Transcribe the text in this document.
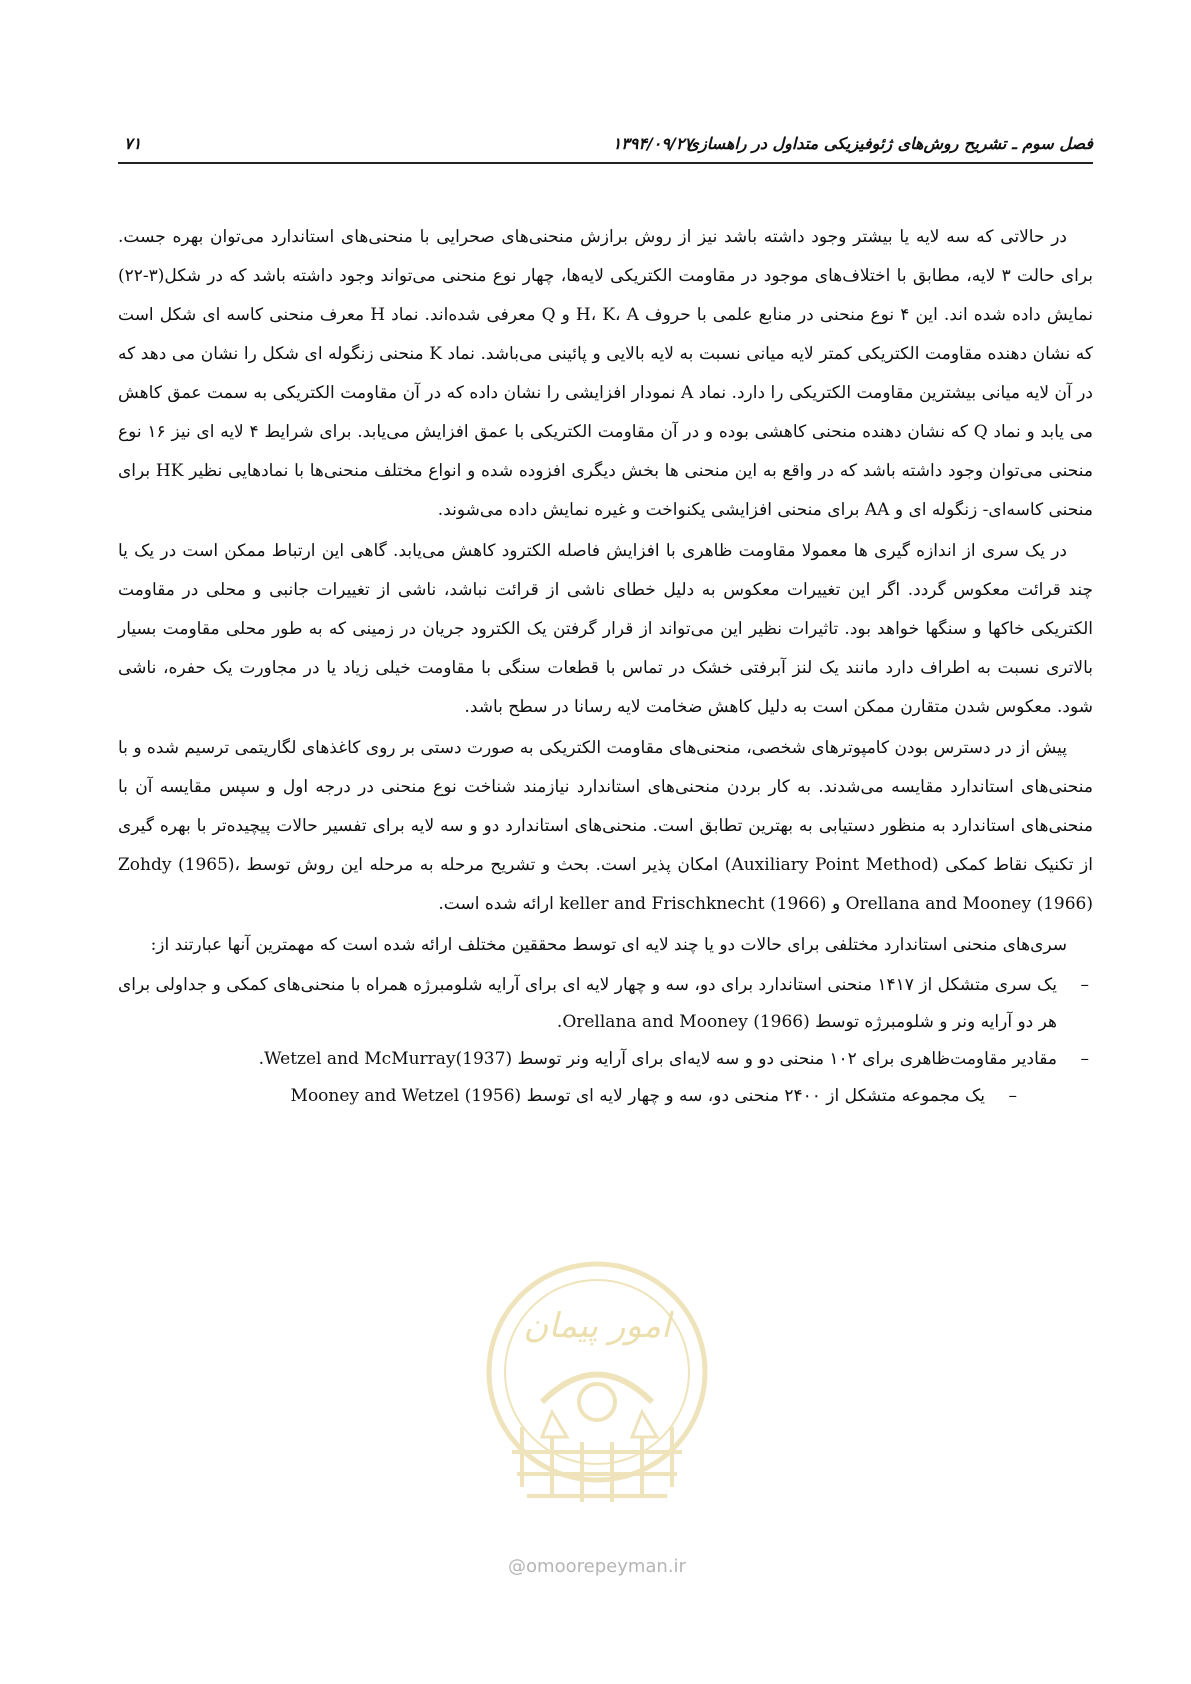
فصل سوم ـ تشریح روش‌های ژئوفیزیکی متداول در راهسازی
۱۳۹۴/۰۹/۲۷
۷۱

در حالاتی که سه لایه یا بیشتر وجود داشته باشد نیز از روش برازش منحنی‌های صحرایی با منحنی‌های استاندارد می‌توان بهره جست. برای حالت ۳ لایه، مطابق با اختلاف‌های موجود در مقاومت الکتریکی لایه‌ها، چهار نوع منحنی می‌تواند وجود داشته باشد که در شکل(۳-۲۲) نمایش داده شده اند. این ۴ نوع منحنی در منابع علمی با حروف H، K، A و Q معرفی شده‌اند. نماد H معرف منحنی کاسه ای شکل است که نشان دهنده مقاومت الکتریکی کمتر لایه میانی نسبت به لایه بالایی و پائینی می‌باشد. نماد K منحنی زنگوله ای شکل را نشان می دهد که در آن لایه میانی بیشترین مقاومت الکتریکی را دارد. نماد A نمودار افزایشی را نشان داده که در آن مقاومت الکتریکی به سمت عمق کاهش می یابد و نماد Q که نشان دهنده منحنی کاهشی بوده و در آن مقاومت الکتریکی با عمق افزایش می‌یابد. برای شرایط ۴ لایه ای نیز ۱۶ نوع منحنی می‌توان وجود داشته باشد که در واقع به این منحنی ها بخش دیگری افزوده شده و انواع مختلف منحنی‌ها با نمادهایی نظیر HK برای منحنی کاسه‌ای- زنگوله ای و AA برای منحنی افزایشی یکنواخت و غیره نمایش داده می‌شوند.

در یک سری از اندازه گیری ها معمولا مقاومت ظاهری با افزایش فاصله الکترود کاهش می‌یابد. گاهی این ارتباط ممکن است در یک یا چند قرائت معکوس گردد. اگر این تغییرات معکوس به دلیل خطای ناشی از قرائت نباشد، ناشی از تغییرات جانبی و محلی در مقاومت الکتریکی خاکها و سنگها خواهد بود. تاثیرات نظیر این می‌تواند از قرار گرفتن یک الکترود جریان در زمینی که به طور محلی مقاومت بسیار بالاتری نسبت به اطراف دارد مانند یک لنز آبرفتی خشک در تماس با قطعات سنگی با مقاومت خیلی زیاد یا در مجاورت یک حفره، ناشی شود. معکوس شدن متقارن ممکن است به دلیل کاهش ضخامت لایه رسانا در سطح باشد.

پیش از در دسترس بودن کامپوترهای شخصی، منحنی‌های مقاومت الکتریکی به صورت دستی بر روی کاغذهای لگاریتمی ترسیم شده و با منحنی‌های استاندارد مقایسه می‌شدند. به کار بردن منحنی‌های استاندارد نیازمند شناخت نوع منحنی در درجه اول و سپس مقایسه آن با منحنی‌های استاندارد به منظور دستیابی به بهترین تطابق است. منحنی‌های استاندارد دو و سه لایه برای تفسیر حالات پیچیده‌تر با بهره گیری از تکنیک نقاط کمکی (Auxiliary Point Method) امکان پذیر است. بحث و تشریح مرحله به مرحله این روش توسط Zohdy (1965)، Orellana and Mooney (1966) و keller and Frischknecht (1966) ارائه شده است.

سری‌های منحنی استاندارد مختلفی برای حالات دو یا چند لایه ای توسط محققین مختلف ارائه شده است که مهمترین آنها عبارتند از:

–
یک سری متشکل از ۱۴۱۷ منحنی استاندارد برای دو، سه و چهار لایه ای برای آرایه شلومبرژه همراه با منحنی‌های کمکی و جداولی برای هر دو آرایه ونر و شلومبرژه توسط Orellana and Mooney (1966).
–
مقادیر مقاومت‌ظاهری برای ۱۰۲ منحنی دو و سه لایه‌ای برای آرایه ونر توسط Wetzel and McMurray(1937).
–
یک مجموعه متشکل از ۲۴۰۰ منحنی دو، سه و چهار لایه ای توسط Mooney and Wetzel (1956)
امور پیمان
@omoorepeyman.ir
